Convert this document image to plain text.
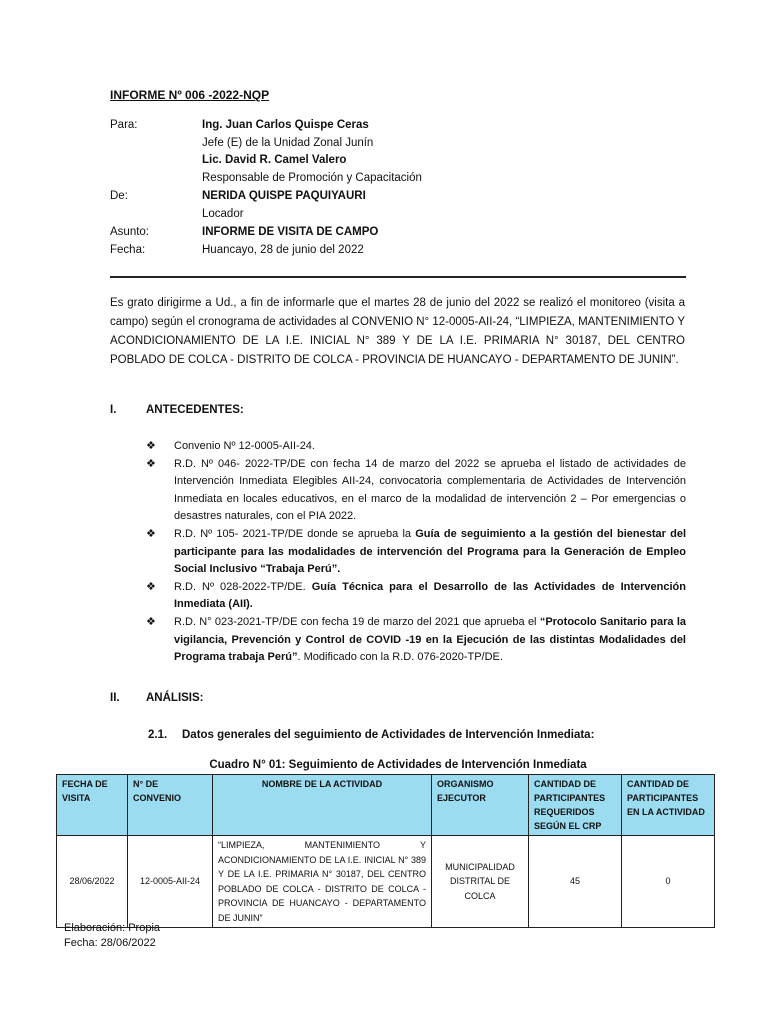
INFORME Nº 006 -2022-NQP
Para:	Ing. Juan Carlos Quispe Ceras
Jefe (E) de la Unidad Zonal Junín
Lic. David R. Camel Valero
Responsable de Promoción y Capacitación
De:	NERIDA QUISPE PAQUIYAURI
Locador
Asunto:	INFORME DE VISITA DE CAMPO
Fecha:	Huancayo, 28 de junio del 2022
Es grato dirigirme a Ud., a fin de informarle que el martes 28 de junio del 2022 se realizó el monitoreo (visita a campo) según el cronograma de actividades al CONVENIO N° 12-0005-AII-24, “LIMPIEZA, MANTENIMIENTO Y ACONDICIONAMIENTO DE LA I.E. INICIAL N° 389 Y DE LA I.E. PRIMARIA N° 30187, DEL CENTRO POBLADO DE COLCA - DISTRITO DE COLCA - PROVINCIA DE HUANCAYO - DEPARTAMENTO DE JUNIN”.
I.	ANTECEDENTES:
❖ Convenio Nº 12-0005-AII-24.
❖ R.D. Nº 046- 2022-TP/DE con fecha 14 de marzo del 2022 se aprueba el listado de actividades de Intervención Inmediata Elegibles AII-24, convocatoria complementaria de Actividades de Intervención Inmediata en locales educativos, en el marco de la modalidad de intervención 2 – Por emergencias o desastres naturales, con el PIA 2022.
❖ R.D. Nº 105- 2021-TP/DE donde se aprueba la Guía de seguimiento a la gestión del bienestar del participante para las modalidades de intervención del Programa para la Generación de Empleo Social Inclusivo “Trabaja Perú”.
❖ R.D. Nº 028-2022-TP/DE. Guía Técnica para el Desarrollo de las Actividades de Intervención Inmediata (AII).
❖ R.D. N° 023-2021-TP/DE con fecha 19 de marzo del 2021 que aprueba el “Protocolo Sanitario para la vigilancia, Prevención y Control de COVID -19 en la Ejecución de las distintas Modalidades del Programa trabaja Perú”. Modificado con la R.D. 076-2020-TP/DE.
II. ANÁLISIS:
2.1. Datos generales del seguimiento de Actividades de Intervención Inmediata:
Cuadro N° 01: Seguimiento de Actividades de Intervención Inmediata
FECHA DE VISITA	N° DE CONVENIO	NOMBRE DE LA ACTIVIDAD	ORGANISMO EJECUTOR	CANTIDAD DE PARTICIPANTES REQUERIDOS SEGÚN EL CRP	CANTIDAD DE PARTICIPANTES EN LA ACTIVIDAD
28/06/2022	12-0005-AII-24	“LIMPIEZA, MANTENIMIENTO Y ACONDICIONAMIENTO DE LA I.E. INICIAL N° 389 Y DE LA I.E. PRIMARIA N° 30187, DEL CENTRO POBLADO DE COLCA - DISTRITO DE COLCA - PROVINCIA DE HUANCAYO - DEPARTAMENTO DE JUNIN”	MUNICIPALIDAD DISTRITAL DE COLCA	45	0
Elaboración: Propia
Fecha: 28/06/2022
